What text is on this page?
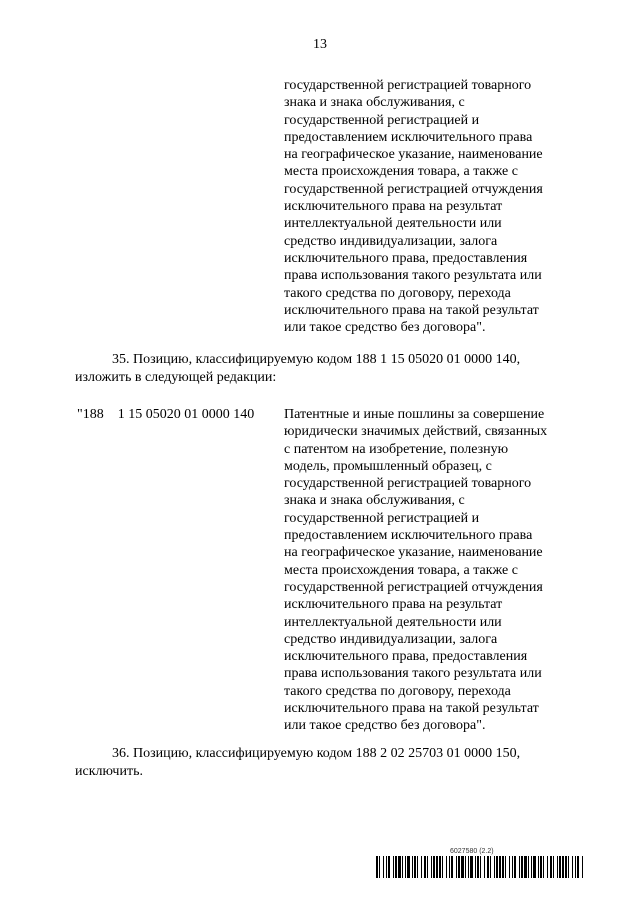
13
государственной регистрацией товарного
знака и знака обслуживания, с
государственной регистрацией и
предоставлением исключительного права
на географическое указание, наименование
места происхождения товара, а также с
государственной регистрацией отчуждения
исключительного права на результат
интеллектуальной деятельности или
средство индивидуализации, залога
исключительного права, предоставления
права использования такого результата или
такого средства по договору, перехода
исключительного права на такой результат
или такое средство без договора".
35. Позицию, классифицируемую кодом 188 1 15 05020 01 0000 140,
изложить в следующей редакции:
"188    1 15 05020 01 0000 140 Патентные и иные пошлины за совершение
юридически значимых действий, связанных
с патентом на изобретение, полезную
модель, промышленный образец, с
государственной регистрацией товарного
знака и знака обслуживания, с
государственной регистрацией и
предоставлением исключительного права
на географическое указание, наименование
места происхождения товара, а также с
государственной регистрацией отчуждения
исключительного права на результат
интеллектуальной деятельности или
средство индивидуализации, залога
исключительного права, предоставления
права использования такого результата или
такого средства по договору, перехода
исключительного права на такой результат
или такое средство без договора".
36. Позицию, классифицируемую кодом 188 2 02 25703 01 0000 150,
исключить.
6027580 (2.2)
